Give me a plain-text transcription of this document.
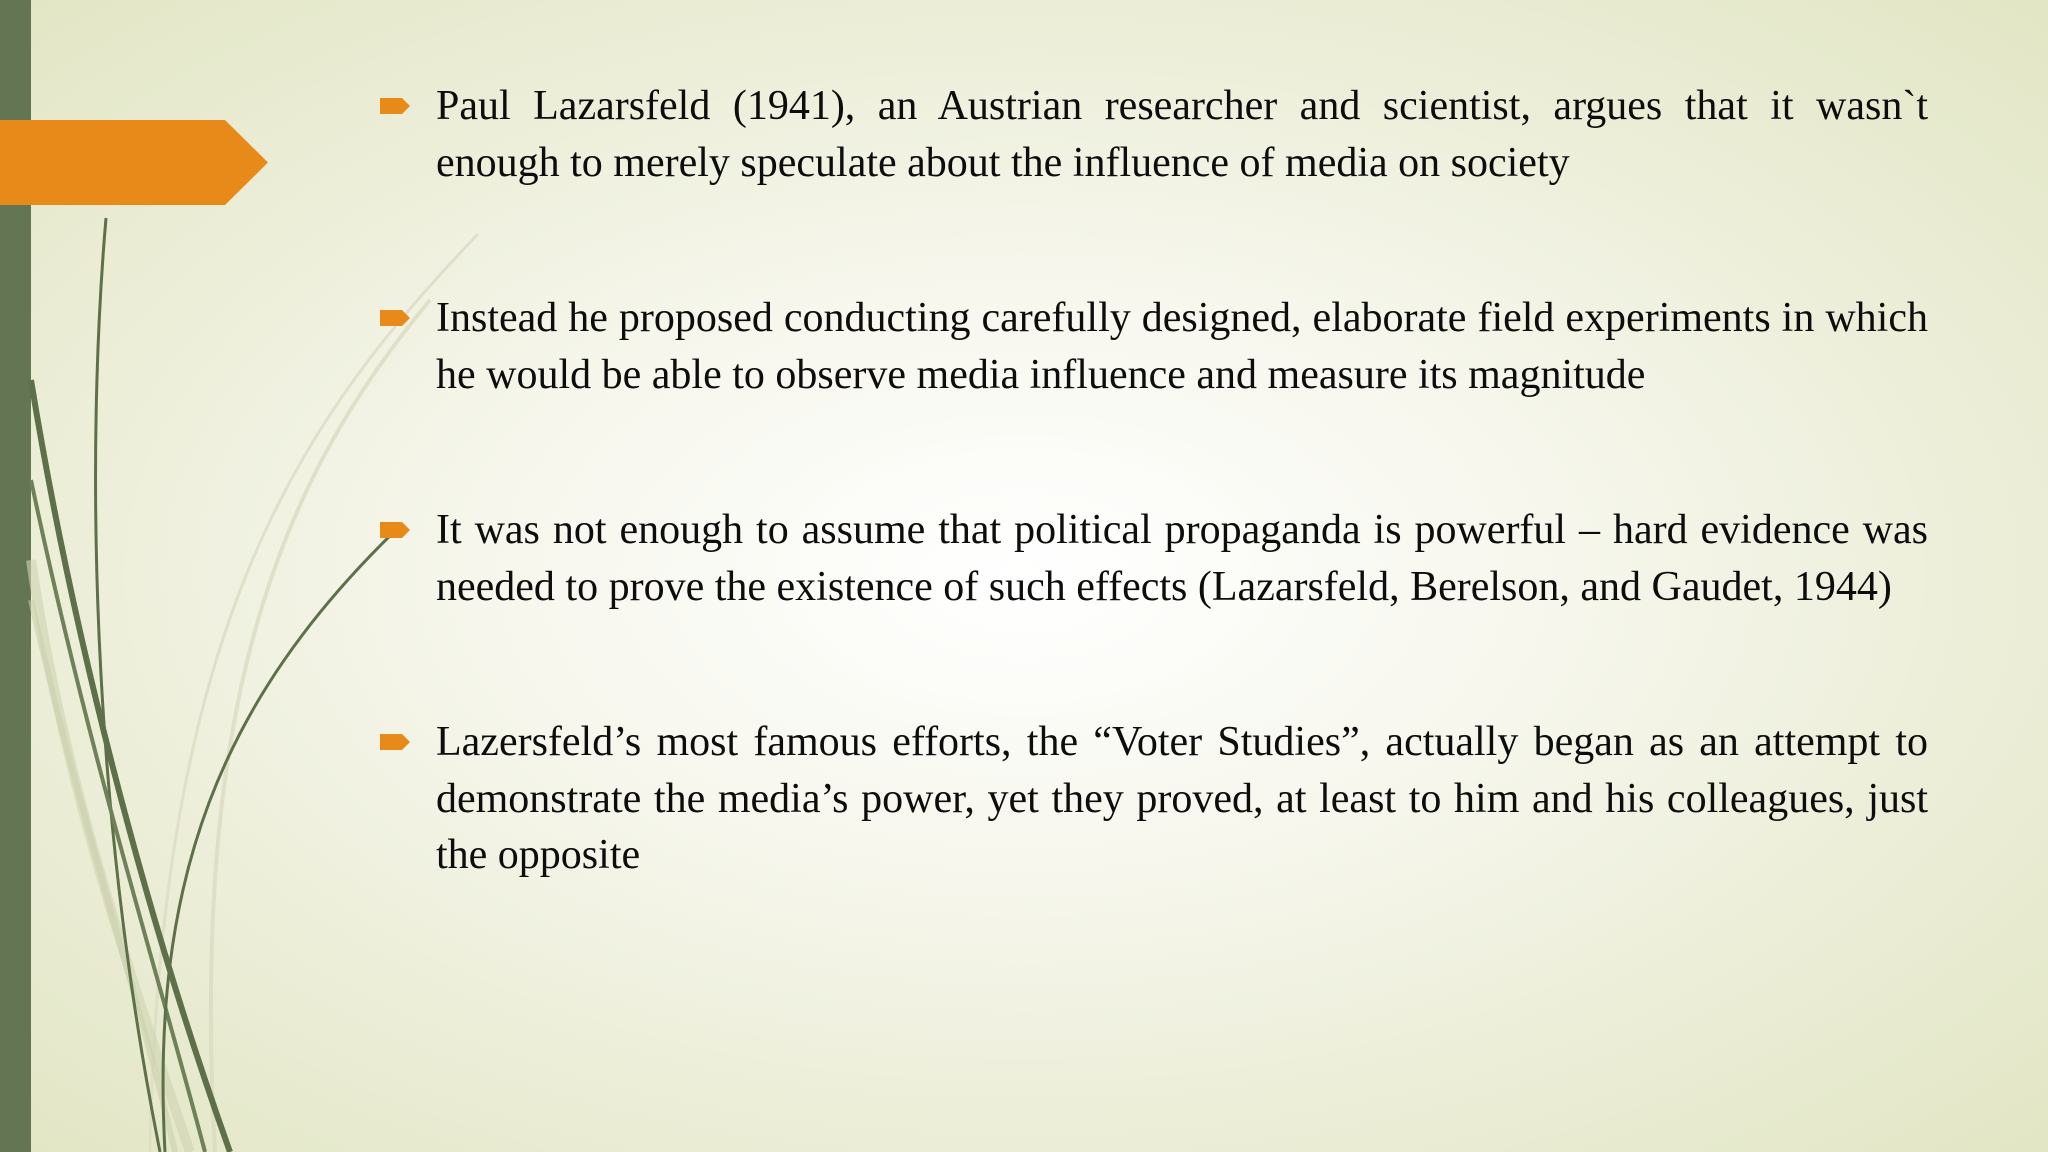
Paul Lazarsfeld (1941), an Austrian researcher and scientist, argues that it wasn`t enough to merely speculate about the influence of media on society
Instead he proposed conducting carefully designed, elaborate field experiments in which he would be able to observe media influence and measure its magnitude
It was not enough to assume that political propaganda is powerful – hard evidence was needed to prove the existence of such effects (Lazarsfeld, Berelson, and Gaudet, 1944)
Lazersfeld’s most famous efforts, the “Voter Studies”, actually began as an attempt to demonstrate the media’s power, yet they proved, at least to him and his colleagues, just the opposite
